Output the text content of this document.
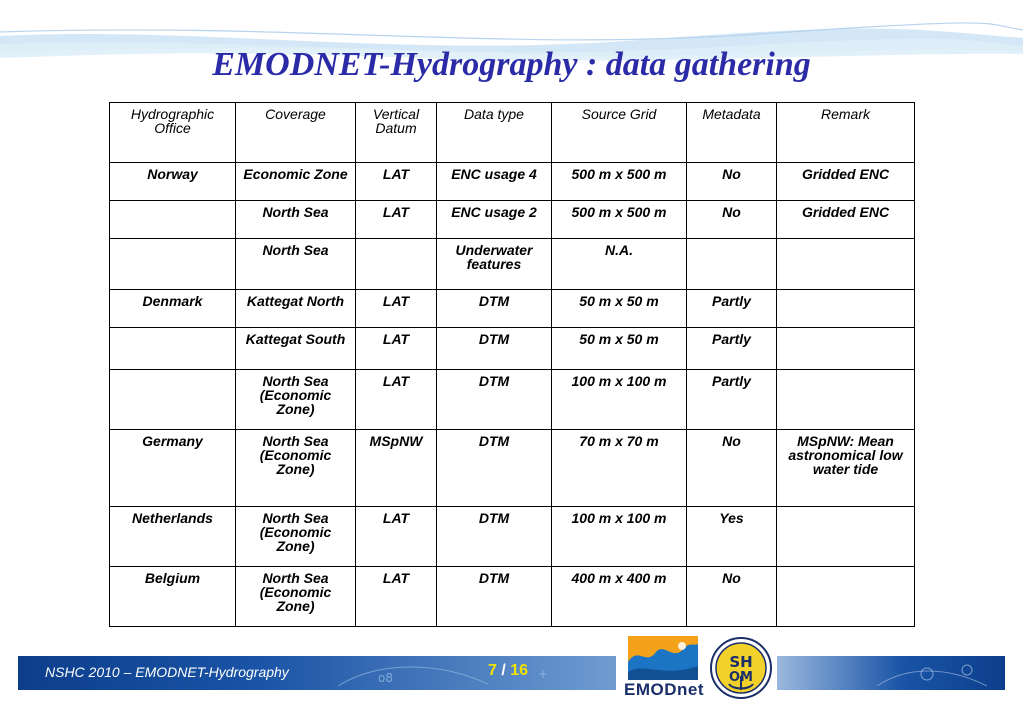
EMODNET-Hydrography : data gathering
Hydrographic Office	Coverage	Vertical Datum	Data type	Source Grid	Metadata	Remark
Norway	Economic Zone	LAT	ENC usage 4	500 m x 500 m	No	Gridded ENC
	North Sea	LAT	ENC usage 2	500 m x 500 m	No	Gridded ENC
	North Sea		Underwater features	N.A.		
Denmark	Kattegat North	LAT	DTM	50 m x 50 m	Partly	
	Kattegat South	LAT	DTM	50 m x 50 m	Partly	
	North Sea (Economic Zone)	LAT	DTM	100 m x 100 m	Partly	
Germany	North Sea (Economic Zone)	MSpNW	DTM	70 m x 70 m	No	MSpNW: Mean astronomical low water tide
Netherlands	North Sea (Economic Zone)	LAT	DTM	100 m x 100 m	Yes	
Belgium	North Sea (Economic Zone)	LAT	DTM	400 m x 400 m	No	
o8	+
NSHC 2010 – EMODNET-Hydrography	7 / 16
EMODnet
SH
OM
